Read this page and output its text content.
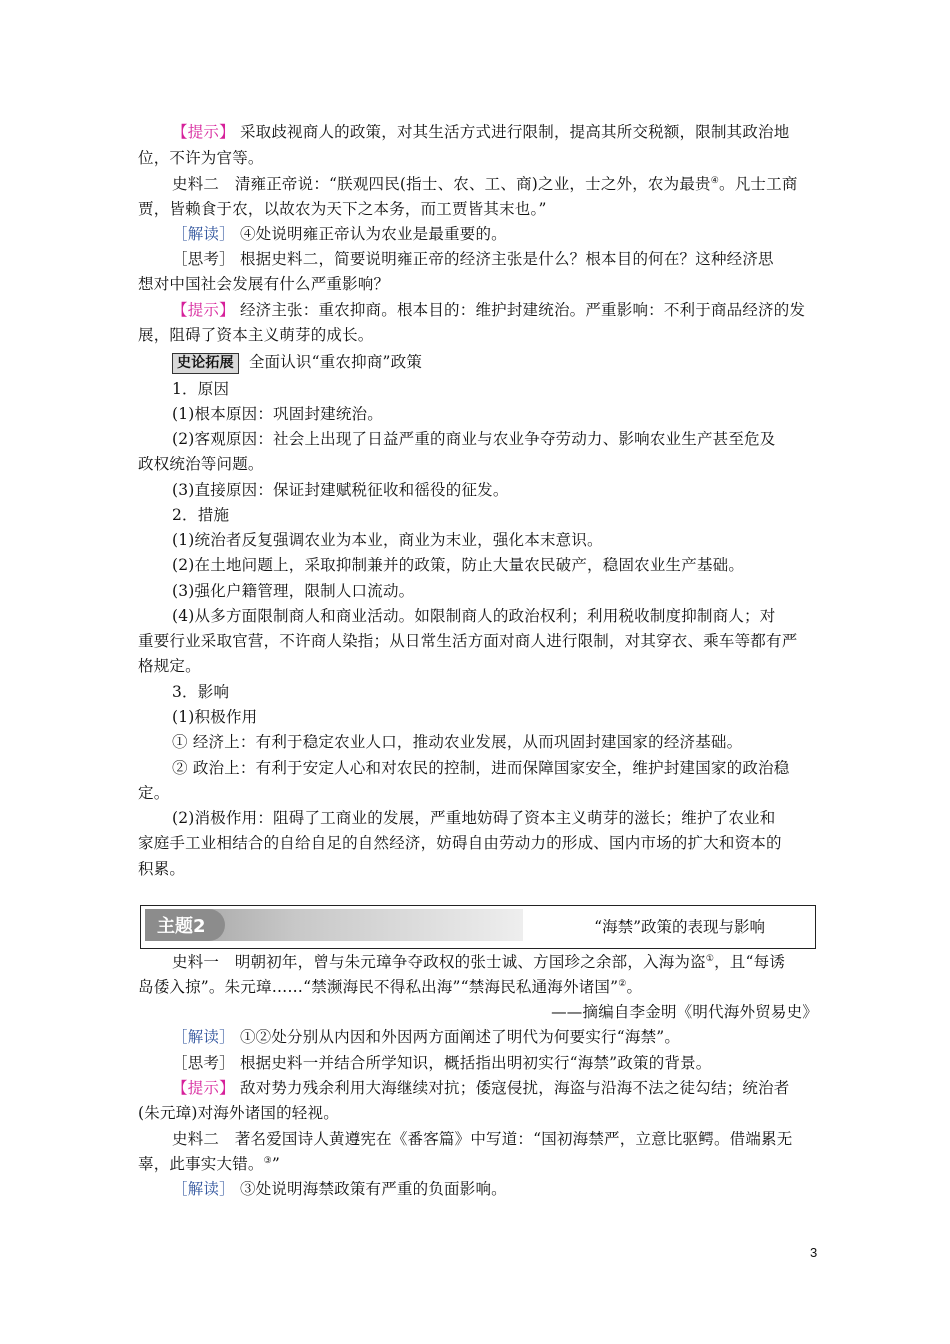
【提示】 采取歧视商人的政策，对其生活方式进行限制，提高其所交税额，限制其政治地
位，不许为官等。
史料二　 清雍正帝说：“朕观四民(指士、农、工、商)之业，士之外，农为最贵④。凡士工商
贾，皆赖食于农，以故农为天下之本务，而工贾皆其末也。”
［解读］ ④处说明雍正帝认为农业是最重要的。
［思考］ 根据史料二，简要说明雍正帝的经济主张是什么？根本目的何在？这种经济思
想对中国社会发展有什么严重影响？
【提示】 经济主张：重农抑商。根本目的：维护封建统治。严重影响：不利于商品经济的发
展，阻碍了资本主义萌芽的成长。
史论拓展 全面认识“重农抑商”政策
1．原因
(1)根本原因：巩固封建统治。
(2)客观原因：社会上出现了日益严重的商业与农业争夺劳动力、影响农业生产甚至危及
政权统治等问题。
(3)直接原因：保证封建赋税征收和徭役的征发。
2．措施
(1)统治者反复强调农业为本业，商业为末业，强化本末意识。
(2)在土地问题上，采取抑制兼并的政策，防止大量农民破产，稳固农业生产基础。
(3)强化户籍管理，限制人口流动。
(4)从多方面限制商人和商业活动。如限制商人的政治权利；利用税收制度抑制商人；对
重要行业采取官营，不许商人染指；从日常生活方面对商人进行限制，对其穿衣、乘车等都有严
格规定。
3．影响
(1)积极作用
① 经济上：有利于稳定农业人口，推动农业发展，从而巩固封建国家的经济基础。
② 政治上：有利于安定人心和对农民的控制，进而保障国家安全，维护封建国家的政治稳
定。
(2)消极作用：阻碍了工商业的发展，严重地妨碍了资本主义萌芽的滋长；维护了农业和
家庭手工业相结合的自给自足的自然经济，妨碍自由劳动力的形成、国内市场的扩大和资本的
积累。
主题2	“海禁”政策的表现与影响
史料一　 明朝初年，曾与朱元璋争夺政权的张士诚、方国珍之余部，入海为盗①，且“每诱
岛倭入掠”。朱元璋……“禁濒海民不得私出海”“禁海民私通海外诸国”②。
——摘编自李金明《明代海外贸易史》
［解读］ ①②处分别从内因和外因两方面阐述了明代为何要实行“海禁”。
［思考］ 根据史料一并结合所学知识，概括指出明初实行“海禁”政策的背景。
【提示】 敌对势力残余利用大海继续对抗；倭寇侵扰，海盗与沿海不法之徒勾结；统治者
(朱元璋)对海外诸国的轻视。
史料二　 著名爱国诗人黄遵宪在《番客篇》中写道：“国初海禁严，立意比驱鳄。借端累无
辜，此事实大错。③”
［解读］ ③处说明海禁政策有严重的负面影响。
3
